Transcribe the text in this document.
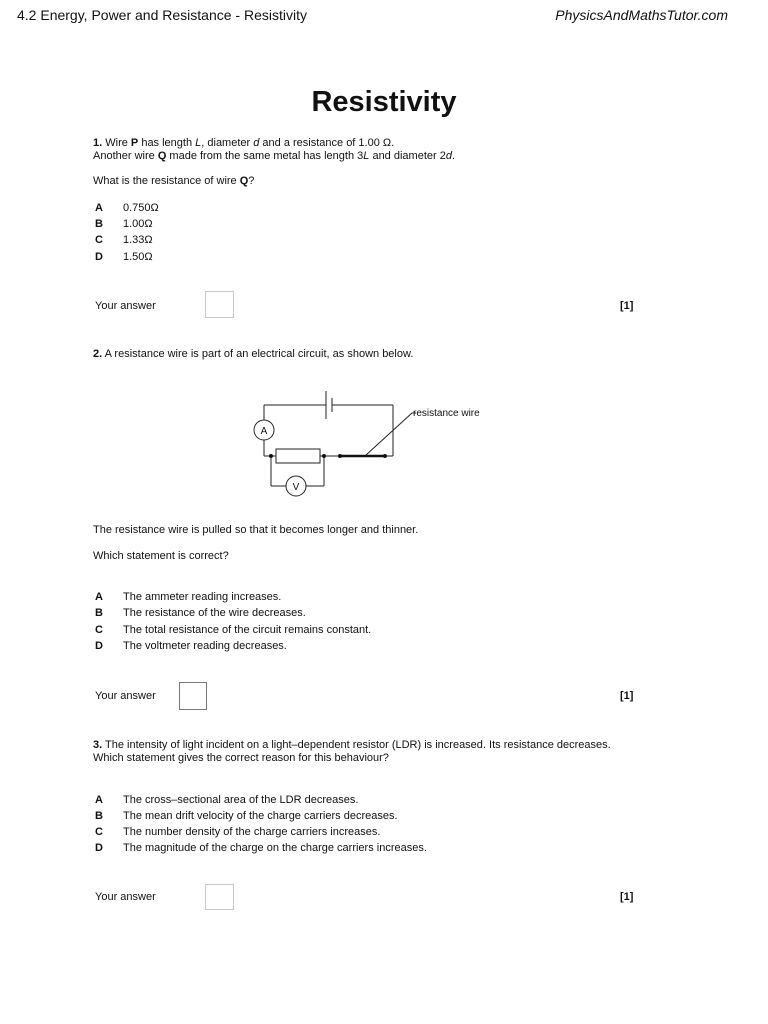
4.2 Energy, Power and Resistance - Resistivity	PhysicsAndMathsTutor.com
Resistivity
1. Wire P has length L, diameter d and a resistance of 1.00 Ω.
Another wire Q made from the same metal has length 3L and diameter 2d.
What is the resistance of wire Q?
A 0.750Ω
B 1.00Ω
C 1.33Ω
D 1.50Ω
Your answer	[1]
2. A resistance wire is part of an electrical circuit, as shown below.
A
V
resistance wire
The resistance wire is pulled so that it becomes longer and thinner.
Which statement is correct?
A The ammeter reading increases.
B The resistance of the wire decreases.
C The total resistance of the circuit remains constant.
D The voltmeter reading decreases.
Your answer	[1]
3. The intensity of light incident on a light–dependent resistor (LDR) is increased. Its resistance decreases.
Which statement gives the correct reason for this behaviour?
A The cross–sectional area of the LDR decreases.
B The mean drift velocity of the charge carriers decreases.
C The number density of the charge carriers increases.
D The magnitude of the charge on the charge carriers increases.
Your answer	[1]
